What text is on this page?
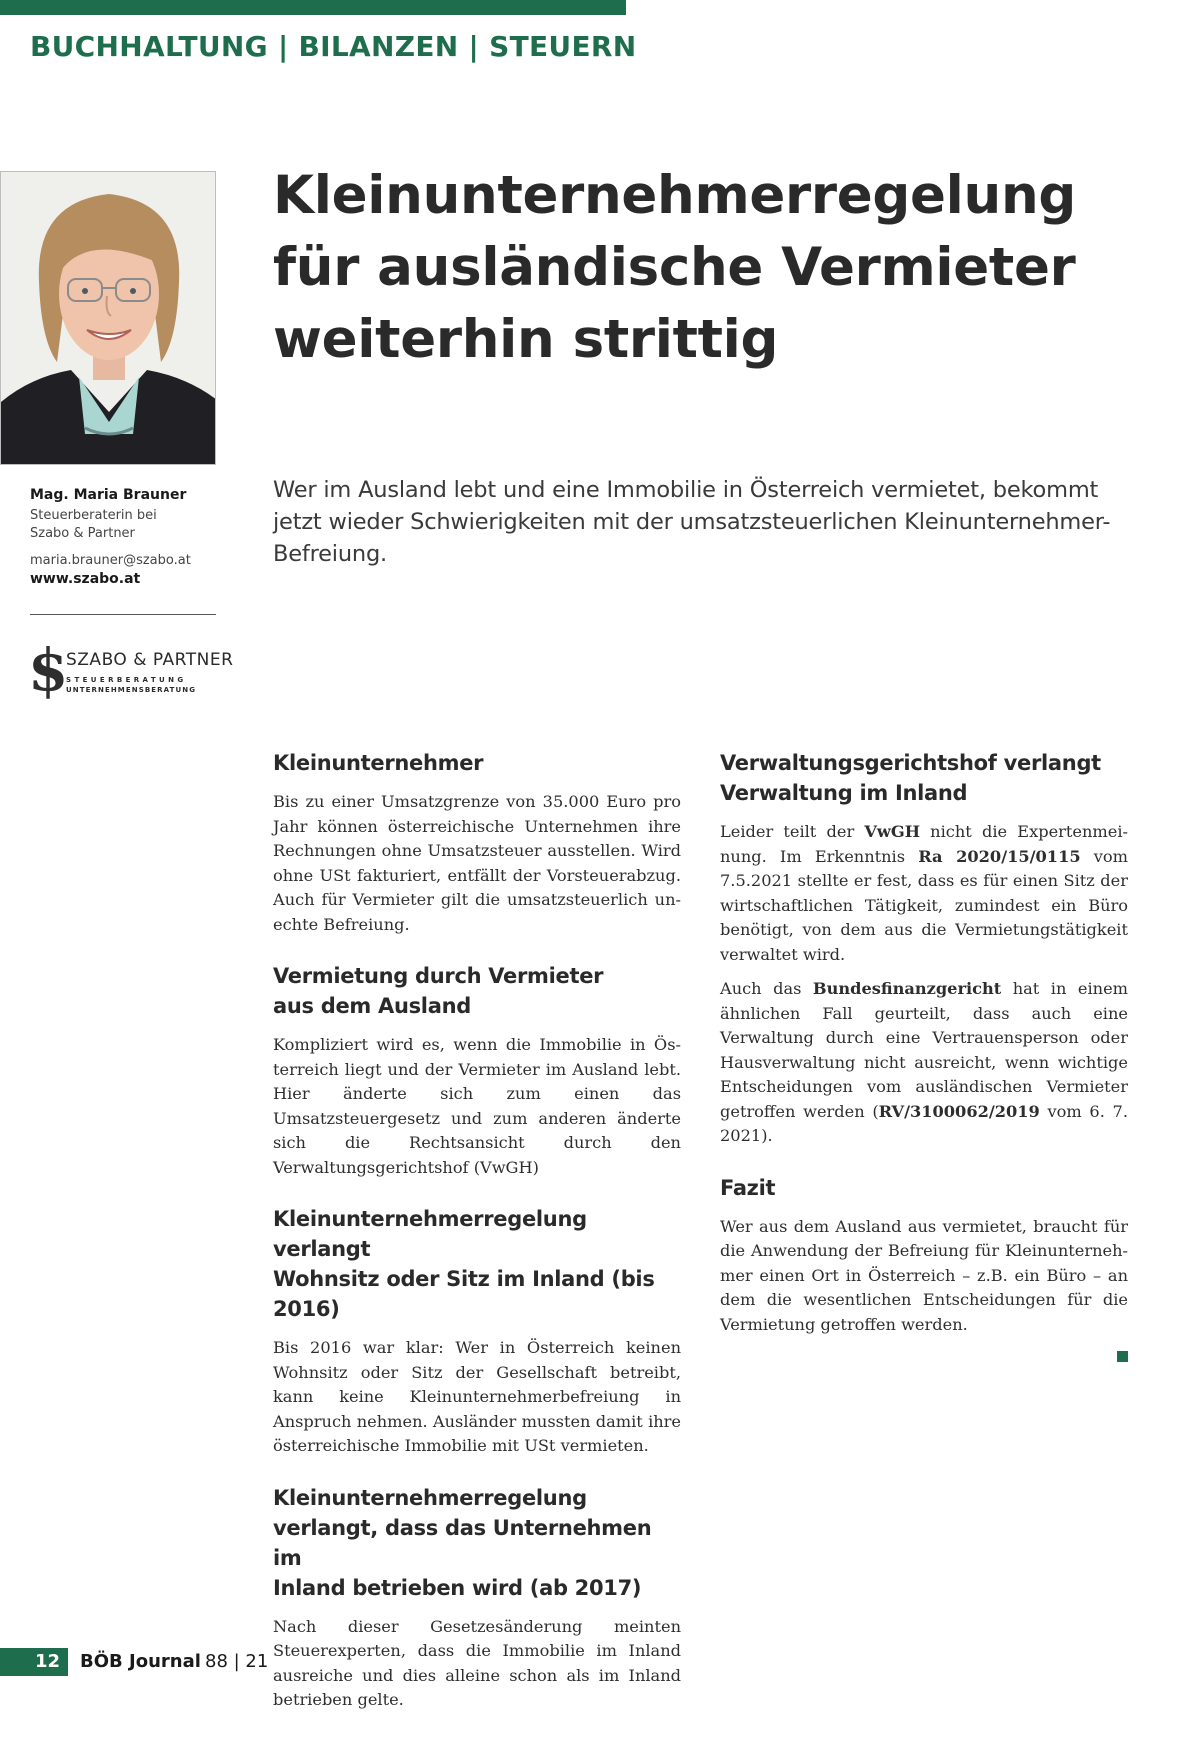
BUCHHALTUNG | BILANZEN | STEUERN

Mag. Maria Brauner

Steuerberaterin bei

Szabo & Partner

maria.brauner@szabo.at

www.szabo.at

$
SZABO & PARTNER
STEUERBERATUNG
UNTERNEHMENSBERATUNG
Kleinunternehmerregelung
für ausländische Vermieter
weiterhin strittig

Wer im Ausland lebt und eine Immobilie in Österreich vermietet, bekommt jetzt wieder Schwierigkeiten mit der umsatzsteuerlichen Kleinunternehmer-Befreiung.

Kleinunternehmer

Bis zu einer Umsatzgrenze von 35.000 Euro pro Jahr können österreichische Unternehmen ihre Rechnungen ohne Umsatzsteuer ausstellen. Wird ohne USt fakturiert, entfällt der Vorsteuerabzug. Auch für Vermieter gilt die umsatzsteuerlich unechte Befreiung.

Vermietung durch Vermieter
aus dem Ausland

Kompliziert wird es, wenn die Immobilie in Österreich liegt und der Vermieter im Ausland lebt. Hier änderte sich zum einen das Umsatzsteuergesetz und zum anderen änderte sich die Rechtsansicht durch den Verwaltungsgerichtshof (VwGH)

Kleinunternehmerregelung verlangt
Wohnsitz oder Sitz im Inland (bis 2016)

Bis 2016 war klar: Wer in Österreich keinen Wohnsitz oder Sitz der Gesellschaft betreibt, kann keine Kleinunternehmerbefreiung in Anspruch nehmen. Ausländer mussten damit ihre österreichische Immobilie mit USt vermieten.

Kleinunternehmerregelung
verlangt, dass das Unternehmen im
Inland betrieben wird (ab 2017)

Nach dieser Gesetzesänderung meinten Steuerexperten, dass die Immobilie im Inland ausreiche und dies alleine schon als im Inland betrieben gelte.

Verwaltungsgerichtshof verlangt
Verwaltung im Inland

Leider teilt der VwGH nicht die Expertenmeinung. Im Erkenntnis Ra 2020/15/0115 vom 7.5.2021 stellte er fest, dass es für einen Sitz der wirtschaftlichen Tätigkeit, zumindest ein Büro benötigt, von dem aus die Vermietungstätigkeit verwaltet wird.

Auch das Bundesfinanzgericht hat in einem ähnlichen Fall geurteilt, dass auch eine Verwaltung durch eine Vertrauensperson oder Hausverwaltung nicht ausreicht, wenn wichtige Entscheidungen vom ausländischen Vermieter getroffen werden (RV/3100062/2019 vom 6. 7. 2021).

Fazit

Wer aus dem Ausland aus vermietet, braucht für die Anwendung der Befreiung für Kleinunternehmer einen Ort in Österreich – z.B. ein Büro – an dem die wesentlichen Entscheidungen für die Vermietung getroffen werden.

12	BÖB Journal 88 | 21
